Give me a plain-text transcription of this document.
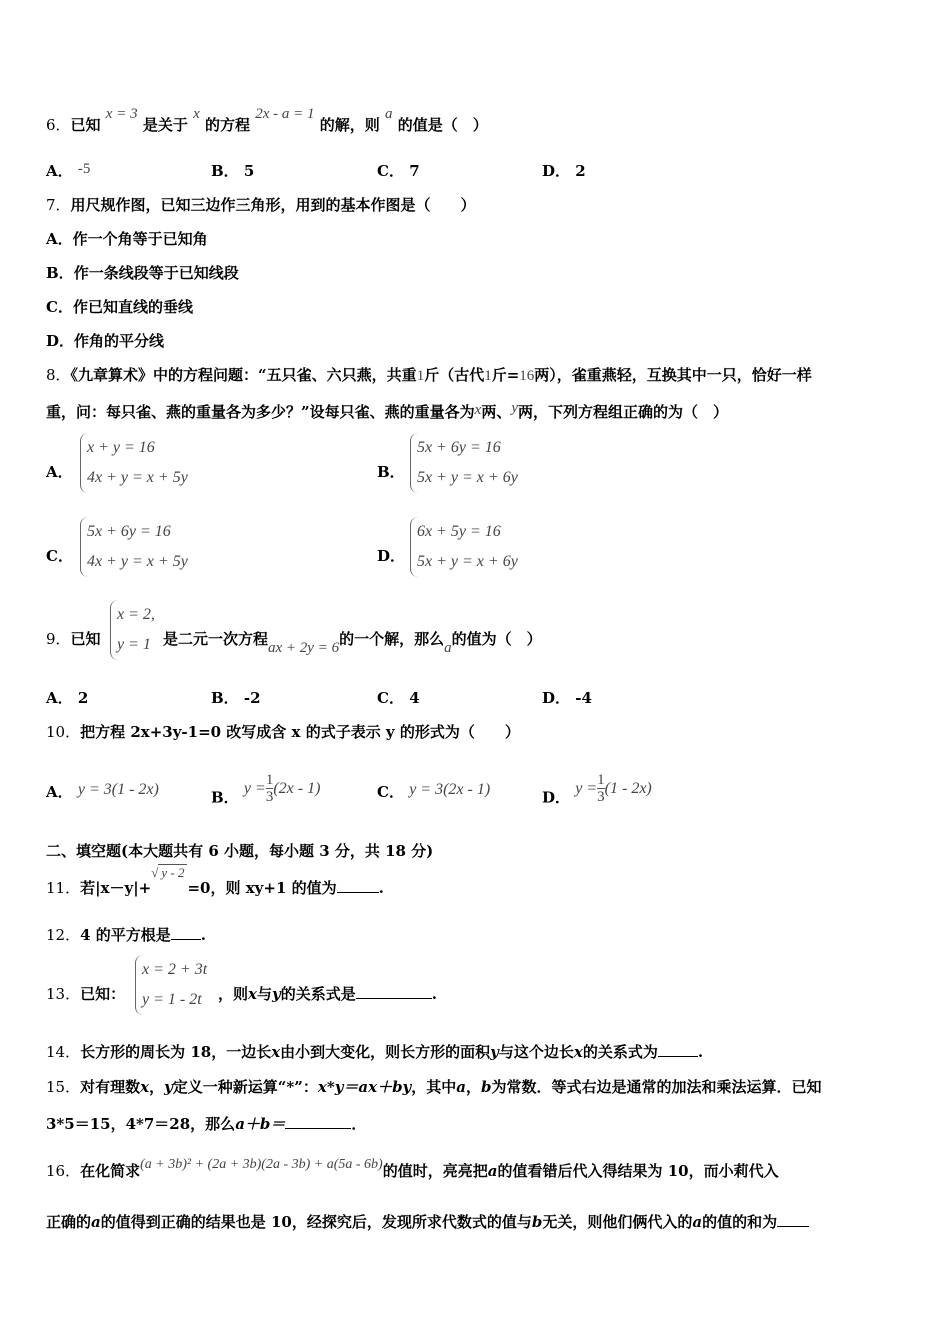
6．已知 x = 3 是关于 x 的方程 2x - a = 1 的解，则 a 的值是（　）
A． -5	B． 5	C． 7	D． 2
7．用尺规作图，已知三边作三角形，用到的基本作图是（　　）
A．作一个角等于已知角
B．作一条线段等于已知线段
C．作已知直线的垂线
D．作角的平分线
8．《九章算术》中的方程问题：“五只雀、六只燕，共重1斤（古代1斤=16两），雀重燕轻，互换其中一只，恰好一样
重，问：每只雀、燕的重量各为多少？”设每只雀、燕的重量各为x两、y两，下列方程组正确的为（　）
A．
x + y = 16
4x + y = x + 5y	B．
5x + 6y = 16
5x + y = x + 6y
C．
5x + 6y = 16
4x + y = x + 5y	D．
6x + 5y = 16
5x + y = x + 6y
9．已知
x = 2,
y = 1 是二元一次方程ax + 2y = 6的一个解，那么a的值为（　）
A． 2	B． -2	C． 4	D． -4
10．把方程 2x+3y-1=0 改写成含 x 的式子表示 y 的形式为（　　）
A． y = 3(1 - 2x)	B． $y = \frac{1}{3} (2x - 1)$	C． y = 3(2x - 1)	D． $y = \frac{1}{3} (1 - 2x)$
二、填空题(本大题共有 6 小题，每小题 3 分，共 18 分)
11．若|x－y|+√ y - 2=0，则 xy+1 的值为	.
12．4 的平方根是 .
13．已知：
x = 2 + 3t
y = 1 - 2t	，则x与y的关系式是	.
14．长方形的周长为 18，一边长x由小到大变化，则长方形的面积y与这个边长x的关系式为	.
15．对有理数x，y定义一种新运算“*”：x*y＝ax＋by，其中a，b为常数．等式右边是通常的加法和乘法运算．已知
3*5＝15，4*7＝28，那么a＋b＝	．
16．在化简求(a + 3b)² + (2a + 3b)(2a - 3b) + a(5a - 6b)的值时，亮亮把a的值看错后代入得结果为 10，而小莉代入
正确的a的值得到正确的结果也是 10，经探究后，发现所求代数式的值与b无关，则他们俩代入的a的值的和为
